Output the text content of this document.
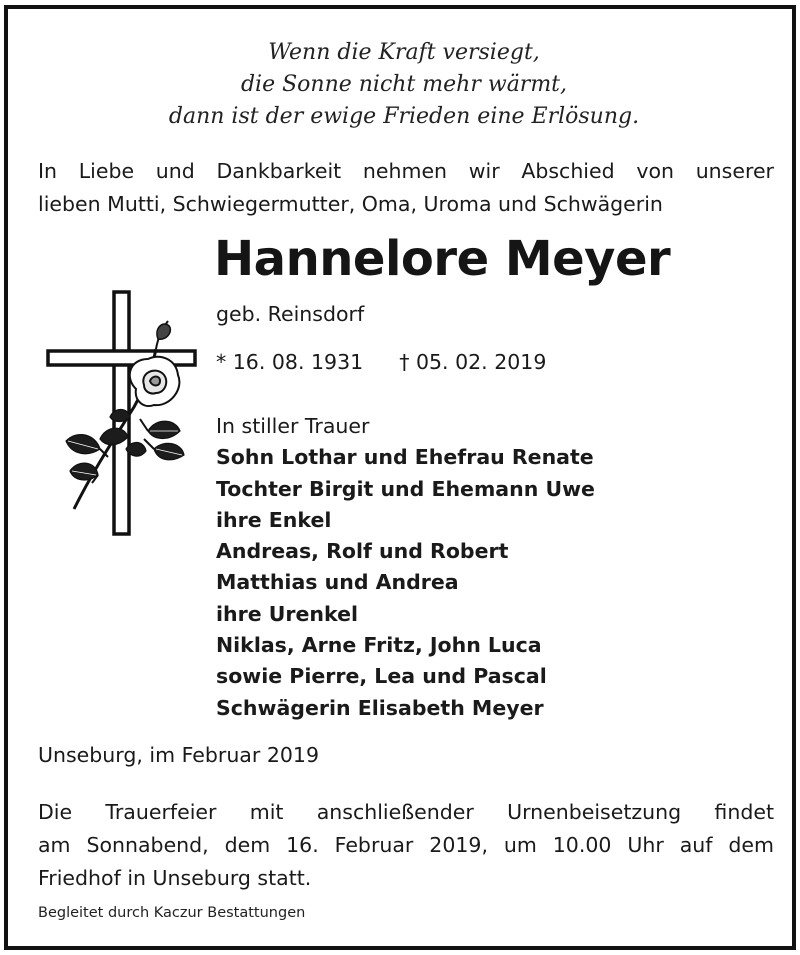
Wenn die Kraft versiegt,
die Sonne nicht mehr wärmt,
dann ist der ewige Frieden eine Erlösung.
In Liebe und Dankbarkeit nehmen wir Abschied von unserer
lieben Mutti, Schwiegermutter, Oma, Uroma und Schwägerin
Hannelore Meyer
geb. Reinsdorf
* 16. 08. 1931 † 05. 02. 2019
In stiller Trauer
Sohn Lothar und Ehefrau Renate
Tochter Birgit und Ehemann Uwe
ihre Enkel
Andreas, Rolf und Robert
Matthias und Andrea
ihre Urenkel
Niklas, Arne Fritz, John Luca
sowie Pierre, Lea und Pascal
Schwägerin Elisabeth Meyer
Unseburg, im Februar 2019
Die Trauerfeier mit anschließender Urnenbeisetzung findet
am Sonnabend, dem 16. Februar 2019, um 10.00 Uhr auf dem
Friedhof in Unseburg statt.
Begleitet durch Kaczur Bestattungen
